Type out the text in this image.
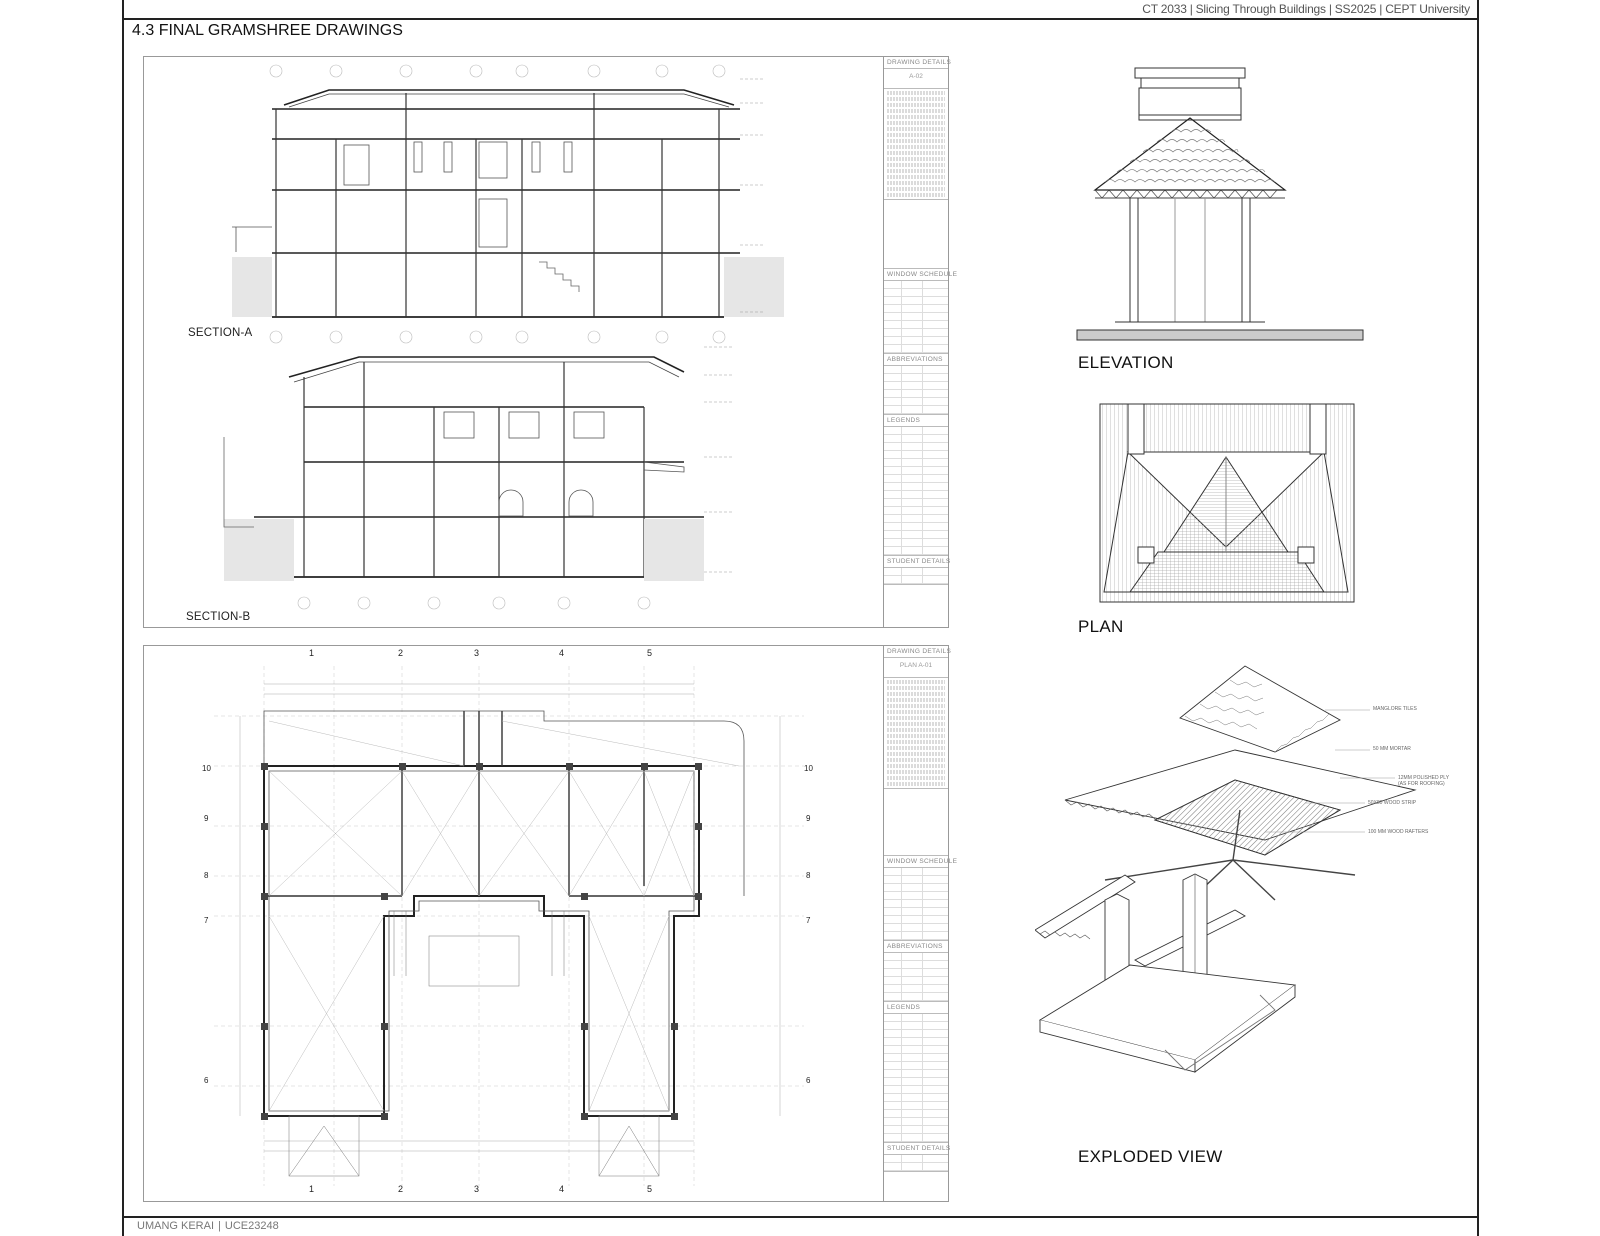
CT 2033 | Slicing Through Buildings | SS2025 | CEPT University
4.3 FINAL GRAMSHREE DRAWINGS
SECTION-A
SECTION-B
DRAWING DETAILS
A-02
WINDOW SCHEDULE
ABBREVIATIONS
LEGENDS
STUDENT DETAILS
1	2	3	4	5
1	2	3	4	5
10
9
8
7
6
10
9
8
7
6
DRAWING DETAILS
PLAN A-01
WINDOW SCHEDULE
ABBREVIATIONS
LEGENDS
STUDENT DETAILS
ELEVATION
PLAN
MANGLORE TILES
50 MM MORTAR
12MM POLISHED PLY (AS FOR ROOFING)
50X80 WOOD STRIP
100 MM WOOD RAFTERS
EXPLODED VIEW
UMANG KERAI | UCE23248
